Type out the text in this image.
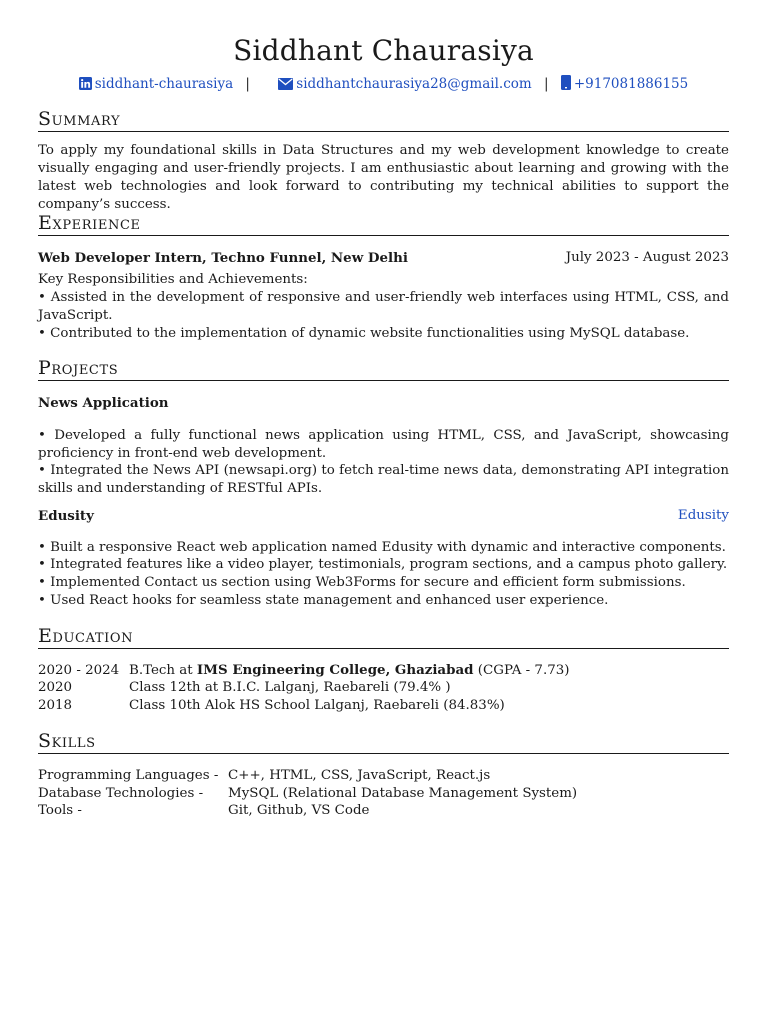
Siddhant Chaurasiya
siddhant-chaurasiya |	siddhantchaurasiya28@gmail.com | +917081886155
Summary

To apply my foundational skills in Data Structures and my web development knowledge to create visually engaging and user-friendly projects. I am enthusiastic about learning and growing with the latest web technologies and look forward to contributing my technical abilities to support the company’s success.

Experience
Web Developer Intern, Techno Funnel, New Delhi	July 2023 - August 2023

Key Responsibilities and Achievements:

• Assisted in the development of responsive and user-friendly web interfaces using HTML, CSS, and JavaScript.

• Contributed to the implementation of dynamic website functionalities using MySQL database.

Projects
News Application

• Developed a fully functional news application using HTML, CSS, and JavaScript, showcasing proficiency in front-end web development.

• Integrated the News API (newsapi.org) to fetch real-time news data, demonstrating API integration skills and understanding of RESTful APIs.

Edusity	Edusity

• Built a responsive React web application named Edusity with dynamic and interactive components.

• Integrated features like a video player, testimonials, program sections, and a campus photo gallery.

• Implemented Contact us section using Web3Forms for secure and efficient form submissions.

• Used React hooks for seamless state management and enhanced user experience.

Education
2020 - 2024 B.Tech at IMS Engineering College, Ghaziabad (CGPA - 7.73)
2020	Class 12th at B.I.C. Lalganj, Raebareli (79.4% )
2018	Class 10th Alok HS School Lalganj, Raebareli (84.83%)
Skills
Programming Languages - C++, HTML, CSS, JavaScript, React.js
Database Technologies - MySQL (Relational Database Management System)
Tools -	Git, Github, VS Code
